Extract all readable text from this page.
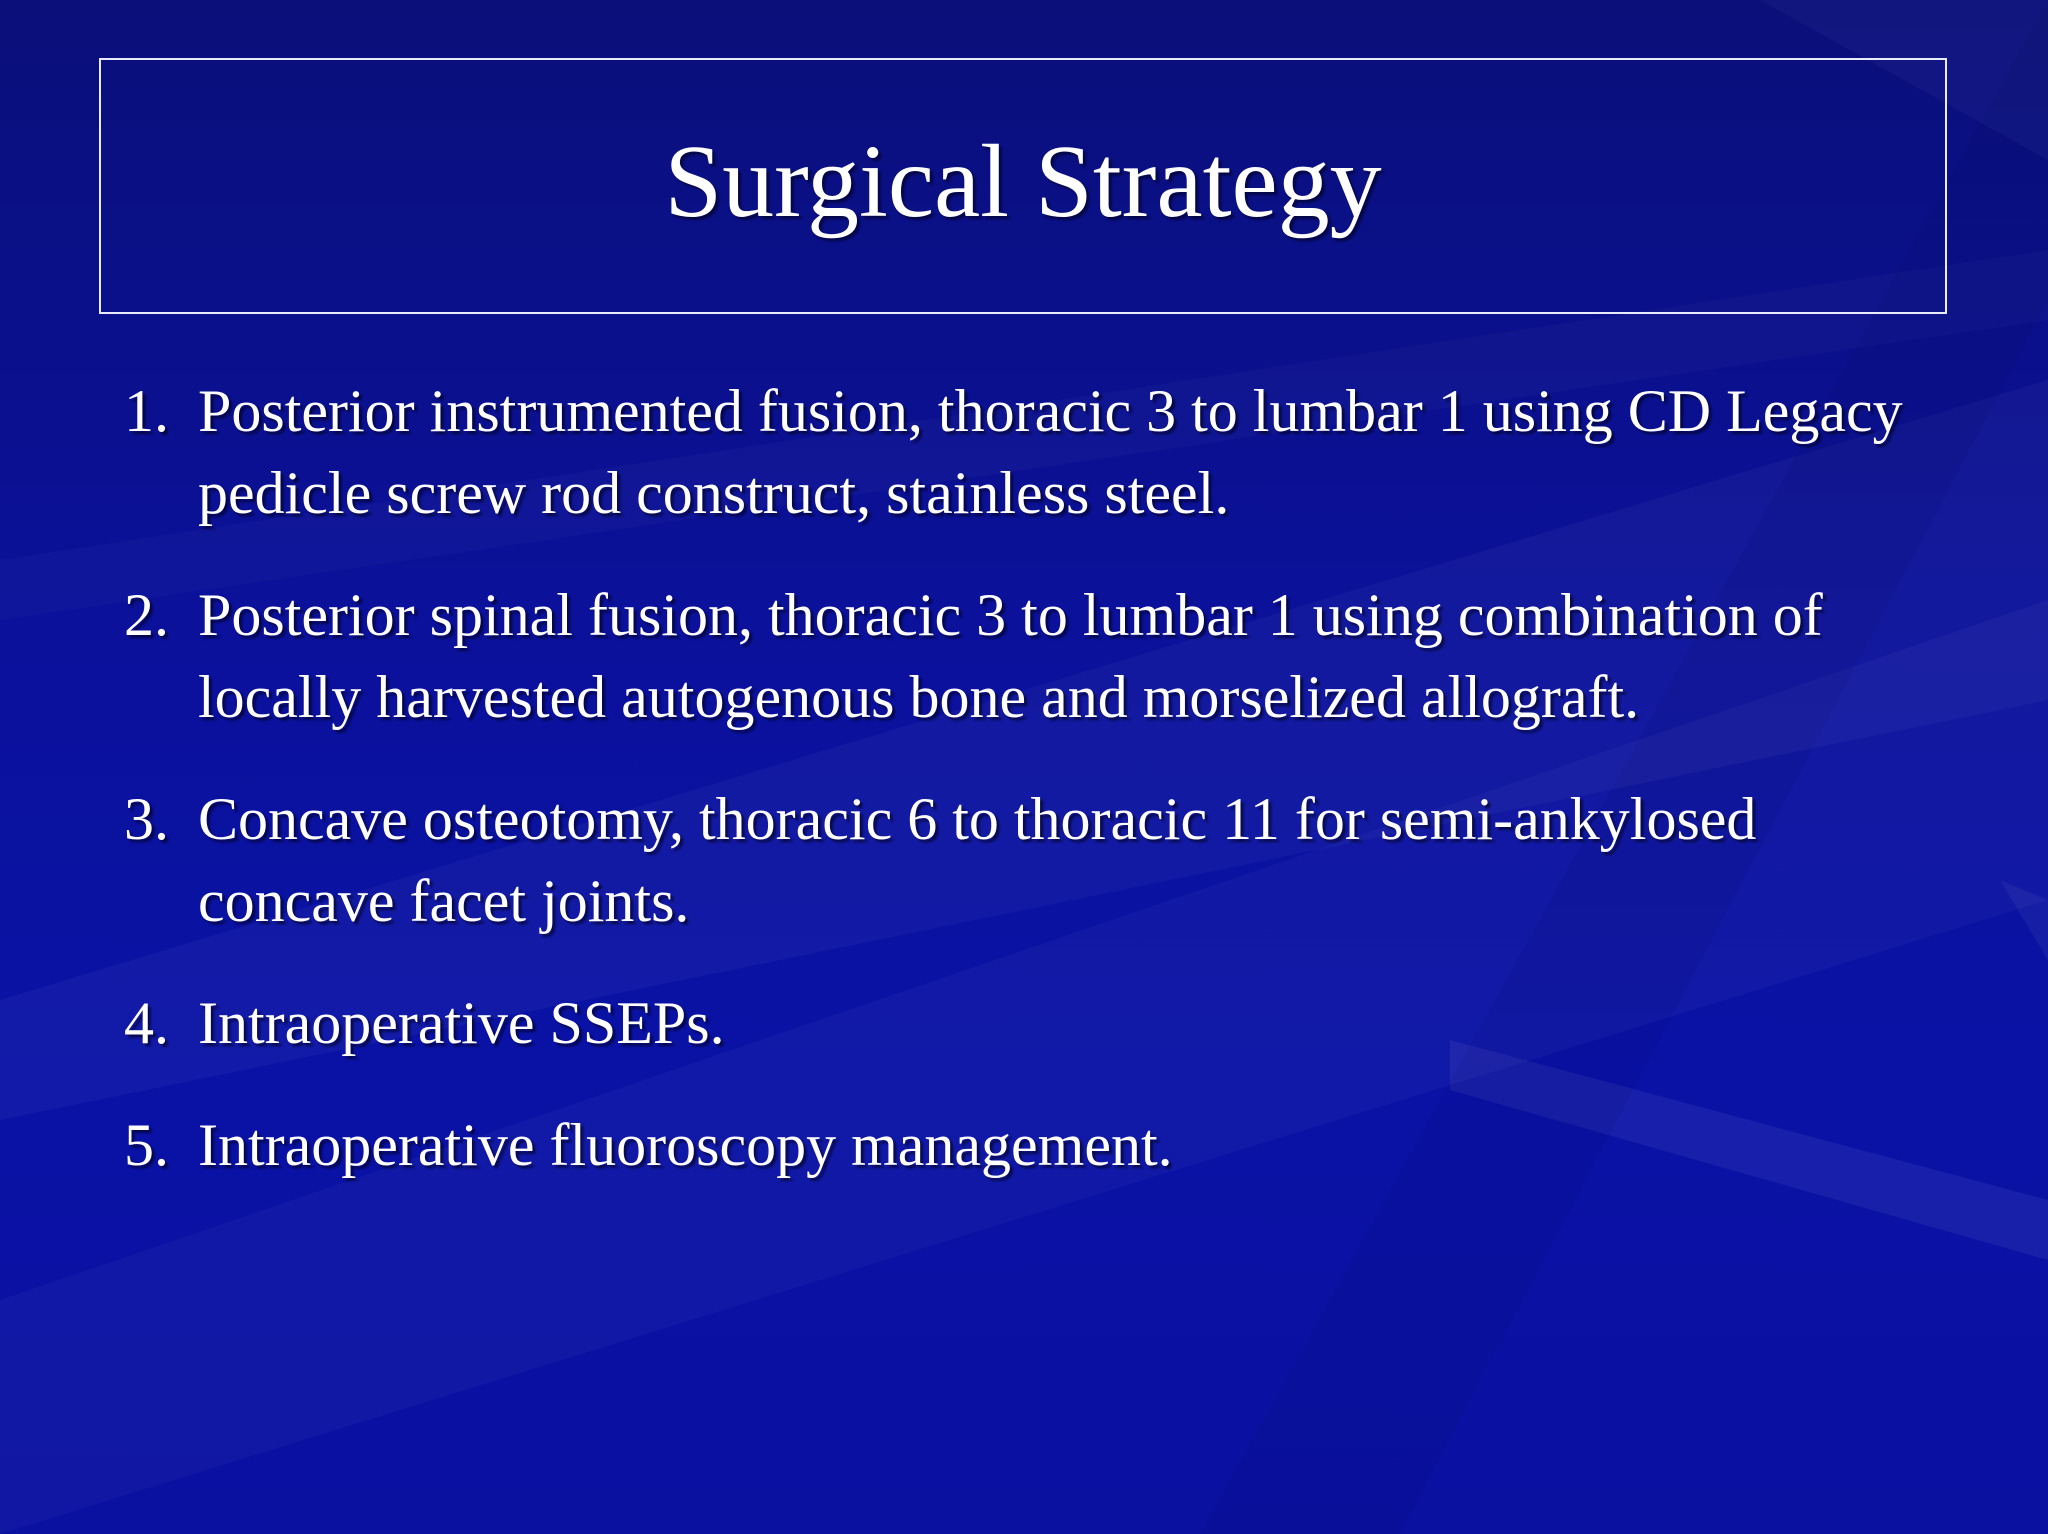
Surgical Strategy
1. Posterior instrumented fusion, thoracic 3 to lumbar 1 using CD Legacy pedicle screw rod construct, stainless steel.
2. Posterior spinal fusion, thoracic 3 to lumbar 1 using combination of locally harvested autogenous bone and morselized allograft.
3. Concave osteotomy, thoracic 6 to thoracic 11 for semi-ankylosed concave facet joints.
4. Intraoperative SSEPs.
5. Intraoperative fluoroscopy management.
